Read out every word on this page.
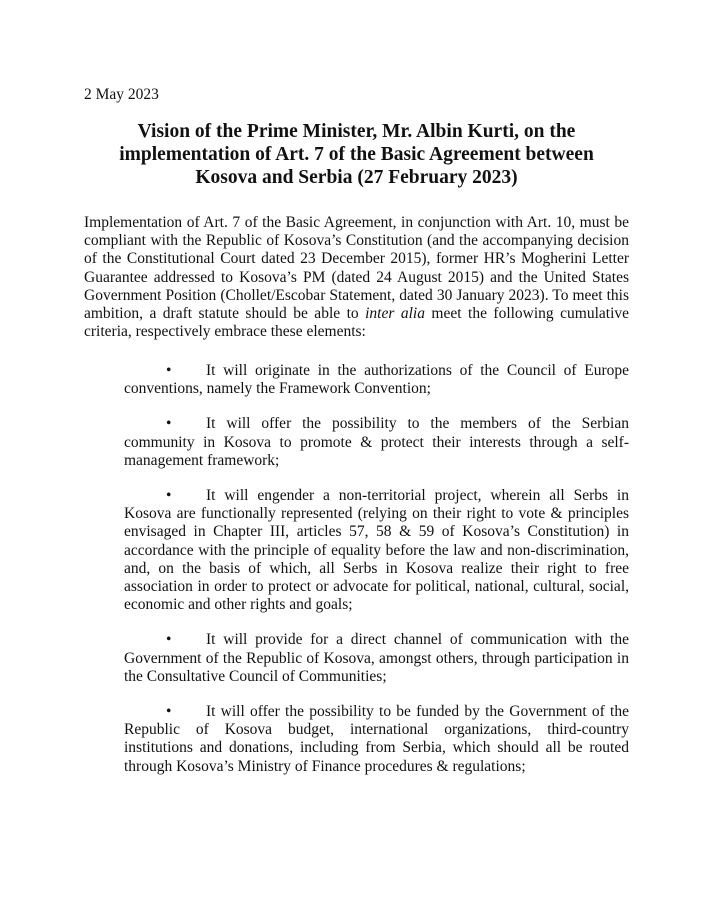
2 May 2023
Vision of the Prime Minister, Mr. Albin Kurti, on the
implementation of Art. 7 of the Basic Agreement between
Kosova and Serbia (27 February 2023)

Implementation of Art. 7 of the Basic Agreement, in conjunction with Art. 10, must be compliant with the Republic of Kosova’s Constitution (and the accompanying decision of the Constitutional Court dated 23 December 2015), former HR’s Mogherini Letter Guarantee addressed to Kosova’s PM (dated 24 August 2015) and the United States Government Position (Chollet/Escobar Statement, dated 30 January 2023). To meet this ambition, a draft statute should be able to inter alia meet the following cumulative criteria, respectively embrace these elements:

• It will originate in the authorizations of the Council of Europe conventions, namely the Framework Convention;
• It will offer the possibility to the members of the Serbian community in Kosova to promote & protect their interests through a self-management framework;
• It will engender a non-territorial project, wherein all Serbs in Kosova are functionally represented (relying on their right to vote & principles envisaged in Chapter III, articles 57, 58 & 59 of Kosova’s Constitution) in accordance with the principle of equality before the law and non-discrimination, and, on the basis of which, all Serbs in Kosova realize their right to free association in order to protect or advocate for political, national, cultural, social, economic and other rights and goals;
• It will provide for a direct channel of communication with the Government of the Republic of Kosova, amongst others, through participation in the Consultative Council of Communities;
• It will offer the possibility to be funded by the Government of the Republic of Kosova budget, international organizations, third-country institutions and donations, including from Serbia, which should all be routed through Kosova’s Ministry of Finance procedures & regulations;
